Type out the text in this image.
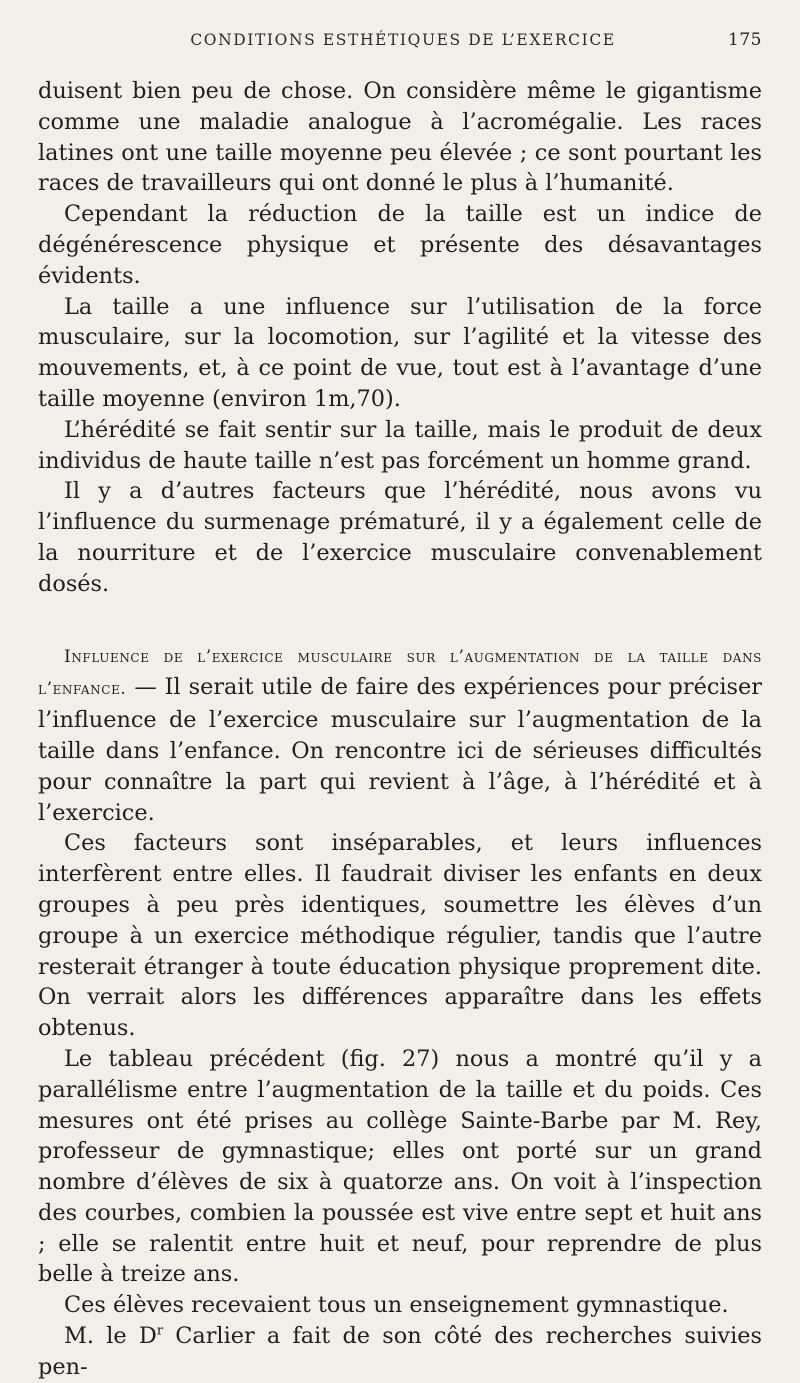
CONDITIONS ESTHÉTIQUES DE L’EXERCICE	175

duisent bien peu de chose. On considère même le gigantisme comme une maladie analogue à l’acromégalie. Les races latines ont une taille moyenne peu élevée ; ce sont pourtant les races de travailleurs qui ont donné le plus à l’humanité.

Cependant la réduction de la taille est un indice de dégénérescence physique et présente des désavantages évidents.

La taille a une influence sur l’utilisation de la force musculaire, sur la locomotion, sur l’agilité et la vitesse des mouvements, et, à ce point de vue, tout est à l’avantage d’une taille moyenne (environ 1m,70).

L’hérédité se fait sentir sur la taille, mais le produit de deux individus de haute taille n’est pas forcément un homme grand.

Il y a d’autres facteurs que l’hérédité, nous avons vu l’influence du surmenage prématuré, il y a également celle de la nourriture et de l’exercice musculaire convenablement dosés.

Influence de l’exercice musculaire sur l’augmentation de la taille dans l’enfance. — Il serait utile de faire des expériences pour préciser l’influence de l’exercice musculaire sur l’augmentation de la taille dans l’enfance. On rencontre ici de sérieuses difficultés pour connaître la part qui revient à l’âge, à l’hérédité et à l’exercice.

Ces facteurs sont inséparables, et leurs influences interfèrent entre elles. Il faudrait diviser les enfants en deux groupes à peu près identiques, soumettre les élèves d’un groupe à un exercice méthodique régulier, tandis que l’autre resterait étranger à toute éducation physique proprement dite. On verrait alors les différences apparaître dans les effets obtenus.

Le tableau précédent (fig. 27) nous a montré qu’il y a parallélisme entre l’augmentation de la taille et du poids. Ces mesures ont été prises au collège Sainte-Barbe par M. Rey, professeur de gymnastique; elles ont porté sur un grand nombre d’élèves de six à quatorze ans. On voit à l’inspection des courbes, combien la poussée est vive entre sept et huit ans ; elle se ralentit entre huit et neuf, pour reprendre de plus belle à treize ans.

Ces élèves recevaient tous un enseignement gymnastique.

M. le $D^r$ Carlier a fait de son côté des recherches suivies pen-
